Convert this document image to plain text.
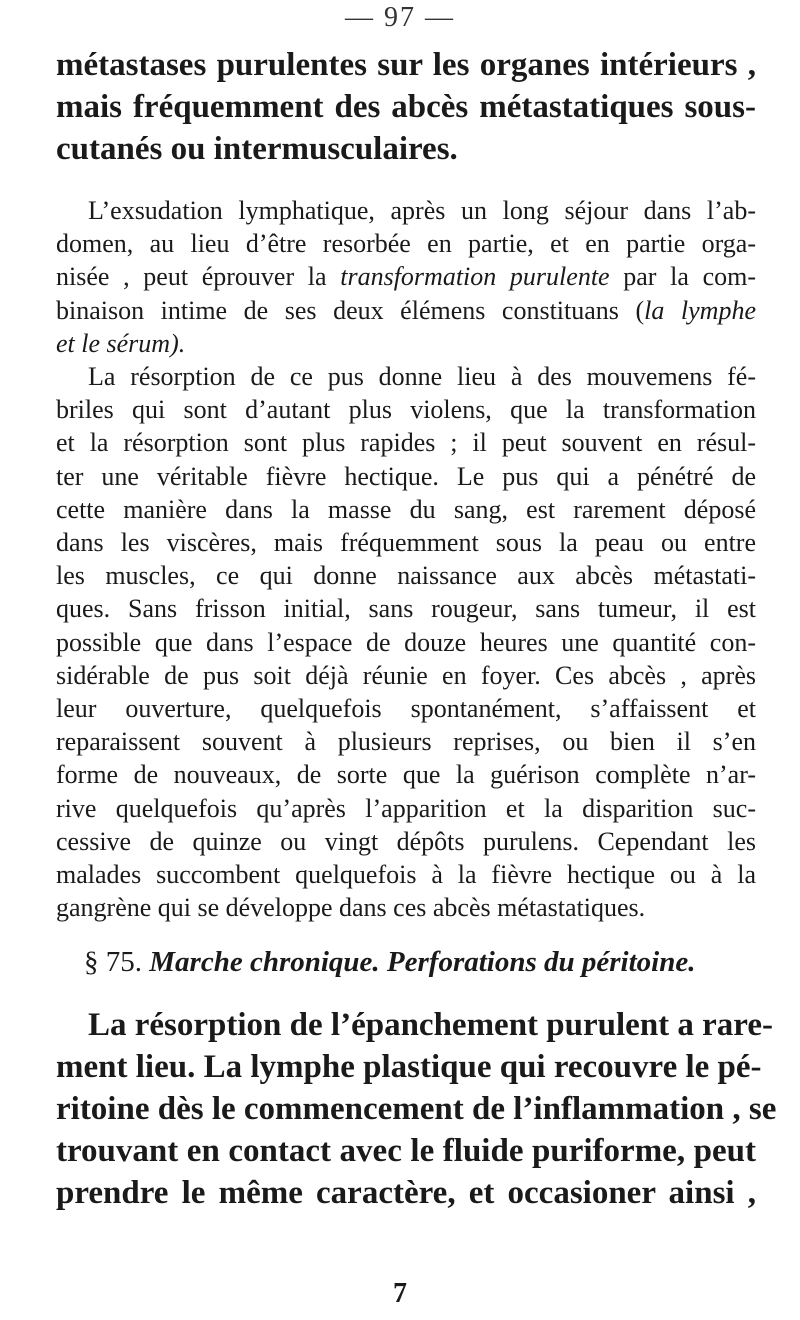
— 97 —
métastases purulentes sur les organes intérieurs ,
mais fréquemment des abcès métastatiques sous-
cutanés ou intermusculaires.
L’exsudation lymphatique, après un long séjour dans l’ab-
domen, au lieu d’être resorbée en partie, et en partie orga-
nisée , peut éprouver la transformation purulente par la com-
binaison intime de ses deux élémens constituans (la lymphe
et le sérum).
La résorption de ce pus donne lieu à des mouvemens fé-
briles qui sont d’autant plus violens, que la transformation
et la résorption sont plus rapides ; il peut souvent en résul-
ter une véritable fièvre hectique. Le pus qui a pénétré de
cette manière dans la masse du sang, est rarement déposé
dans les viscères, mais fréquemment sous la peau ou entre
les muscles, ce qui donne naissance aux abcès métastati-
ques. Sans frisson initial, sans rougeur, sans tumeur, il est
possible que dans l’espace de douze heures une quantité con-
sidérable de pus soit déjà réunie en foyer. Ces abcès , après
leur ouverture, quelquefois spontanément, s’affaissent et
reparaissent souvent à plusieurs reprises, ou bien il s’en
forme de nouveaux, de sorte que la guérison complète n’ar-
rive quelquefois qu’après l’apparition et la disparition suc-
cessive de quinze ou vingt dépôts purulens. Cependant les
malades succombent quelquefois à la fièvre hectique ou à la
gangrène qui se développe dans ces abcès métastatiques.
§ 75. Marche chronique. Perforations du péritoine.
La résorption de l’épanchement purulent a rare-
ment lieu. La lymphe plastique qui recouvre le pé-
ritoine dès le commencement de l’inflammation , se
trouvant en contact avec le fluide puriforme, peut
prendre le même caractère, et occasioner ainsi ,
7
